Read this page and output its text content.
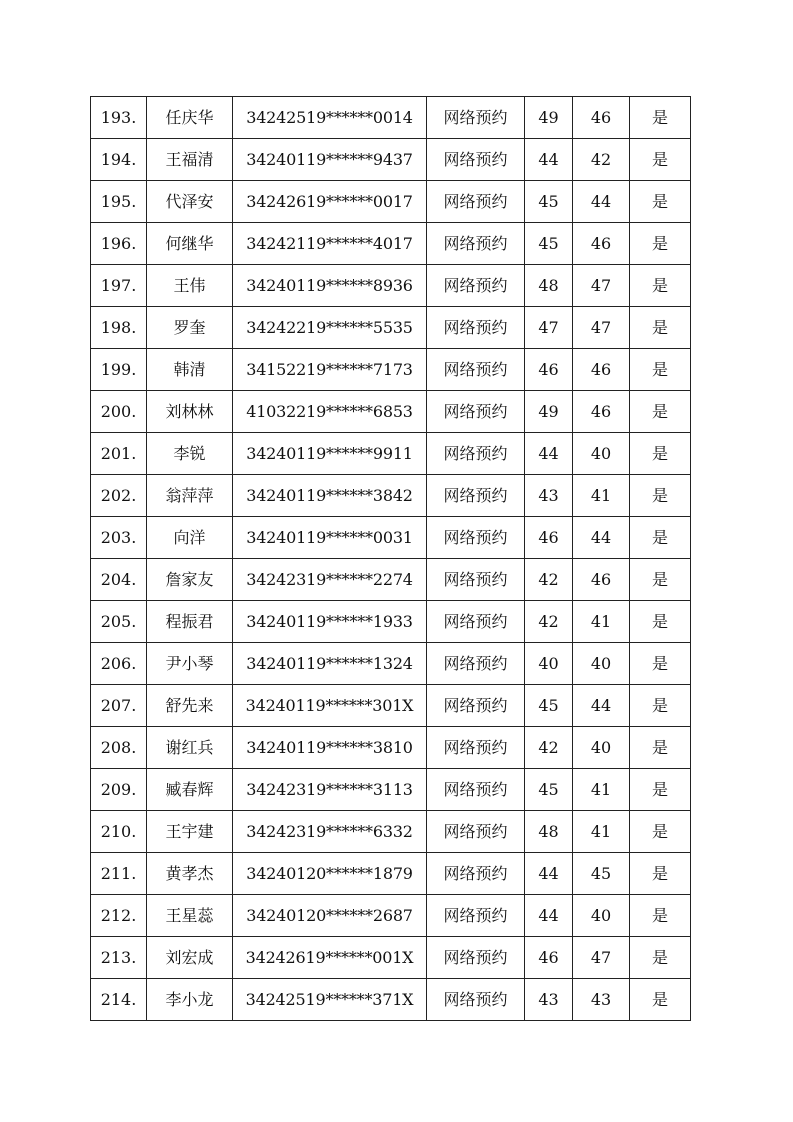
193.	任庆华	34242519******0014	网络预约	49	46	是
194.	王福清	34240119******9437	网络预约	44	42	是
195.	代泽安	34242619******0017	网络预约	45	44	是
196.	何继华	34242119******4017	网络预约	45	46	是
197.	王伟	34240119******8936	网络预约	48	47	是
198.	罗奎	34242219******5535	网络预约	47	47	是
199.	韩清	34152219******7173	网络预约	46	46	是
200.	刘林林	41032219******6853	网络预约	49	46	是
201.	李锐	34240119******9911	网络预约	44	40	是
202.	翁萍萍	34240119******3842	网络预约	43	41	是
203.	向洋	34240119******0031	网络预约	46	44	是
204.	詹家友	34242319******2274	网络预约	42	46	是
205.	程振君	34240119******1933	网络预约	42	41	是
206.	尹小琴	34240119******1324	网络预约	40	40	是
207.	舒先来	34240119******301X	网络预约	45	44	是
208.	谢红兵	34240119******3810	网络预约	42	40	是
209.	臧春辉	34242319******3113	网络预约	45	41	是
210.	王宇建	34242319******6332	网络预约	48	41	是
211.	黄孝杰	34240120******1879	网络预约	44	45	是
212.	王星蕊	34240120******2687	网络预约	44	40	是
213.	刘宏成	34242619******001X	网络预约	46	47	是
214.	李小龙	34242519******371X	网络预约	43	43	是
